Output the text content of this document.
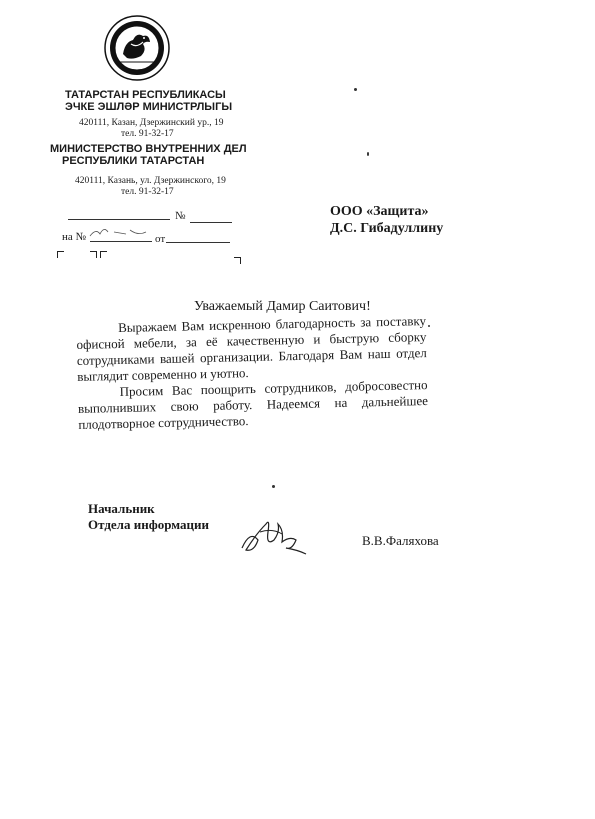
ТАТАРСТАН РЕСПУБЛИКАСЫ
ЭЧКЕ ЭШЛӘР МИНИСТРЛЫГЫ
420111, Казан, Дзержинский ур., 19
тел. 91-32-17
МИНИСТЕРСТВО ВНУТРЕННИХ ДЕЛ
РЕСПУБЛИКИ ТАТАРСТАН
420111, Казань, ул. Дзержинского, 19
тел. 91-32-17
№
на №	от
ООО «Защита»
Д.С. Гибадуллину
Уважаемый Дамир Саитович!

Выражаем Вам искренною благодарность за поставку офисной мебели, за её качественную и быструю сборку сотрудниками вашей организации. Благодаря Вам наш отдел выглядит современно и уютно.

Просим Вас поощрить сотрудников, добросовестно выполнивших свою работу. Надеемся на дальнейшее плодотворное сотрудничество.

Начальник
Отдела информации
В.В.Фаляхова
